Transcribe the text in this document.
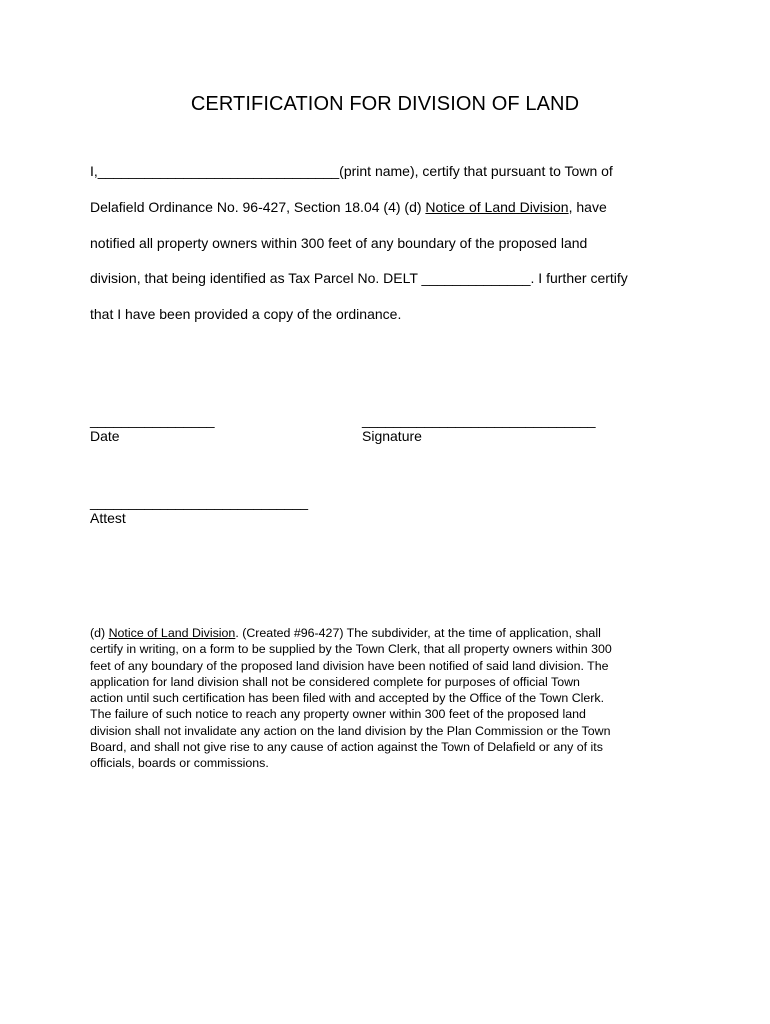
CERTIFICATION FOR DIVISION OF LAND
I,_______________________________(print name), certify that pursuant to Town of
Delafield Ordinance No. 96-427, Section 18.04 (4) (d) Notice of Land Division, have
notified all property owners within 300 feet of any boundary of the proposed land
division, that being identified as Tax Parcel No. DELT ______________. I further certify
that I have been provided a copy of the ordinance.
________________
Date
______________________________
Signature
____________________________
Attest
(d) Notice of Land Division. (Created #96-427) The subdivider, at the time of application, shall
certify in writing, on a form to be supplied by the Town Clerk, that all property owners within 300
feet of any boundary of the proposed land division have been notified of said land division. The
application for land division shall not be considered complete for purposes of official Town
action until such certification has been filed with and accepted by the Office of the Town Clerk.
The failure of such notice to reach any property owner within 300 feet of the proposed land
division shall not invalidate any action on the land division by the Plan Commission or the Town
Board, and shall not give rise to any cause of action against the Town of Delafield or any of its
officials, boards or commissions.
